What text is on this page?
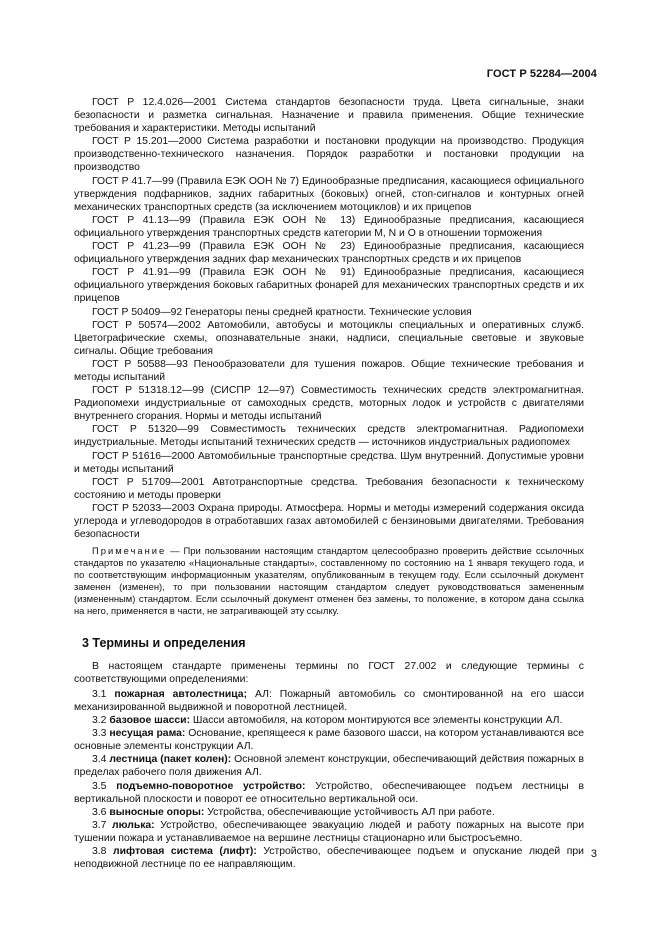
ГОСТ Р 52284—2004

ГОСТ Р 12.4.026—2001 Система стандартов безопасности труда. Цвета сигнальные, знаки безопасности и разметка сигнальная. Назначение и правила применения. Общие технические требования и характеристики. Методы испытаний

ГОСТ Р 15.201—2000 Система разработки и постановки продукции на производство. Продукция производственно-технического назначения. Порядок разработки и постановки продукции на производство

ГОСТ Р 41.7—99 (Правила ЕЭК ООН № 7) Единообразные предписания, касающиеся официального утверждения подфарников, задних габаритных (боковых) огней, стоп-сигналов и контурных огней механических транспортных средств (за исключением мотоциклов) и их прицепов

ГОСТ Р 41.13—99 (Правила ЕЭК ООН № 13) Единообразные предписания, касающиеся официального утверждения транспортных средств категории М, N и О в отношении торможения

ГОСТ Р 41.23—99 (Правила ЕЭК ООН № 23) Единообразные предписания, касающиеся официального утверждения задних фар механических транспортных средств и их прицепов

ГОСТ Р 41.91—99 (Правила ЕЭК ООН № 91) Единообразные предписания, касающиеся официального утверждения боковых габаритных фонарей для механических транспортных средств и их прицепов

ГОСТ Р 50409—92 Генераторы пены средней кратности. Технические условия

ГОСТ Р 50574—2002 Автомобили, автобусы и мотоциклы специальных и оперативных служб. Цветографические схемы, опознавательные знаки, надписи, специальные световые и звуковые сигналы. Общие требования

ГОСТ Р 50588—93 Пенообразователи для тушения пожаров. Общие технические требования и методы испытаний

ГОСТ Р 51318.12—99 (СИСПР 12—97) Совместимость технических средств электромагнитная. Радиопомехи индустриальные от самоходных средств, моторных лодок и устройств с двигателями внутреннего сгорания. Нормы и методы испытаний

ГОСТ Р 51320—99 Совместимость технических средств электромагнитная. Радиопомехи индустриальные. Методы испытаний технических средств — источников индустриальных радиопомех

ГОСТ Р 51616—2000 Автомобильные транспортные средства. Шум внутренний. Допустимые уровни и методы испытаний

ГОСТ Р 51709—2001 Автотранспортные средства. Требования безопасности к техническому состоянию и методы проверки

ГОСТ Р 52033—2003 Охрана природы. Атмосфера. Нормы и методы измерений содержания оксида углерода и углеводородов в отработавших газах автомобилей с бензиновыми двигателями. Требования безопасности

Примечание — При пользовании настоящим стандартом целесообразно проверить действие ссылочных стандартов по указателю «Национальные стандарты», составленному по состоянию на 1 января текущего года, и по соответствующим информационным указателям, опубликованным в текущем году. Если ссылочный документ заменен (изменен), то при пользовании настоящим стандартом следует руководствоваться замененным (измененным) стандартом. Если ссылочный документ отменен без замены, то положение, в котором дана ссылка на него, применяется в части, не затрагивающей эту ссылку.

3 Термины и определения

В настоящем стандарте применены термины по ГОСТ 27.002 и следующие термины с соответствующими определениями:

3.1 пожарная автолестница; АЛ: Пожарный автомобиль со смонтированной на его шасси механизированной выдвижной и поворотной лестницей.

3.2 базовое шасси: Шасси автомобиля, на котором монтируются все элементы конструкции АЛ.

3.3 несущая рама: Основание, крепящееся к раме базового шасси, на котором устанавливаются все основные элементы конструкции АЛ.

3.4 лестница (пакет колен): Основной элемент конструкции, обеспечивающий действия пожарных в пределах рабочего поля движения АЛ.

3.5 подъемно-поворотное устройство: Устройство, обеспечивающее подъем лестницы в вертикальной плоскости и поворот ее относительно вертикальной оси.

3.6 выносные опоры: Устройства, обеспечивающие устойчивость АЛ при работе.

3.7 люлька: Устройство, обеспечивающее эвакуацию людей и работу пожарных на высоте при тушении пожара и устанавливаемое на вершине лестницы стационарно или быстросъемно.

3.8 лифтовая система (лифт): Устройство, обеспечивающее подъем и опускание людей при неподвижной лестнице по ее направляющим.

3
